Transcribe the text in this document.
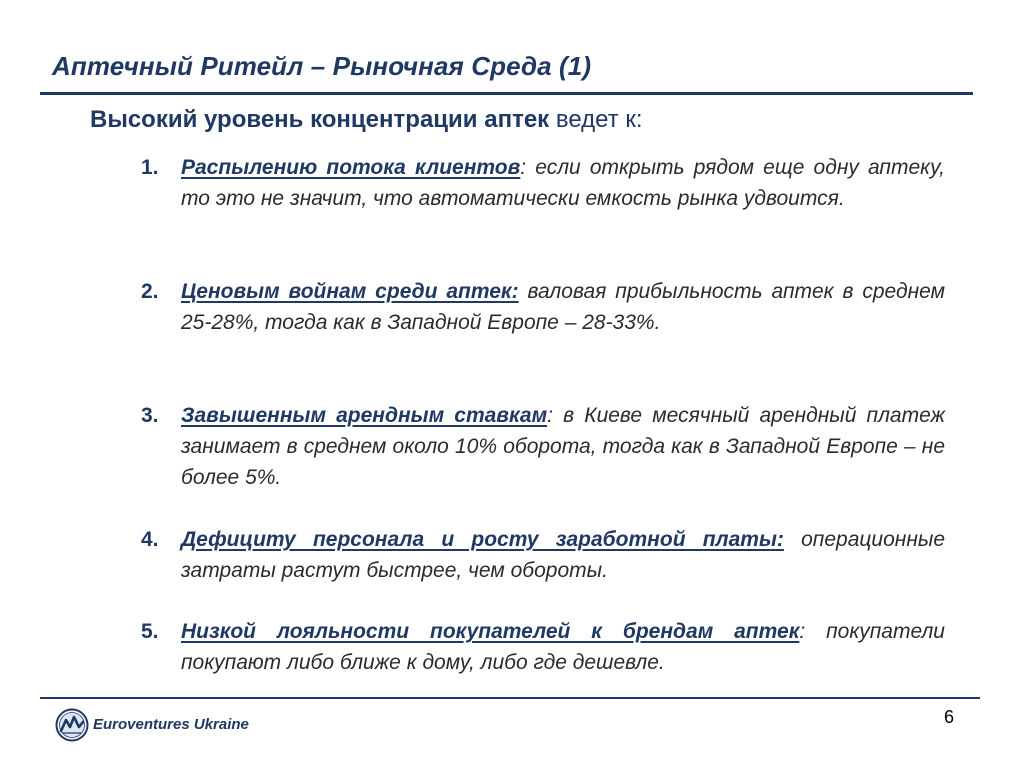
Аптечный Ритейл – Рыночная Среда (1)
Высокий уровень концентрации аптек ведет к:
1. Распылению потока клиентов: если открыть рядом еще одну аптеку, то это не значит, что автоматически емкость рынка удвоится.
2. Ценовым войнам среди аптек: валовая прибыльность аптек в среднем 25-28%, тогда как в Западной Европе – 28-33%.
3. Завышенным арендным ставкам: в Киеве месячный арендный платеж занимает в среднем около 10% оборота, тогда как в Западной Европе – не более 5%.
4. Дефициту персонала и росту заработной платы: операционные затраты растут быстрее, чем обороты.
5. Низкой лояльности покупателей к брендам аптек: покупатели покупают либо ближе к дому, либо где дешевле.
Euroventures Ukraine	6
